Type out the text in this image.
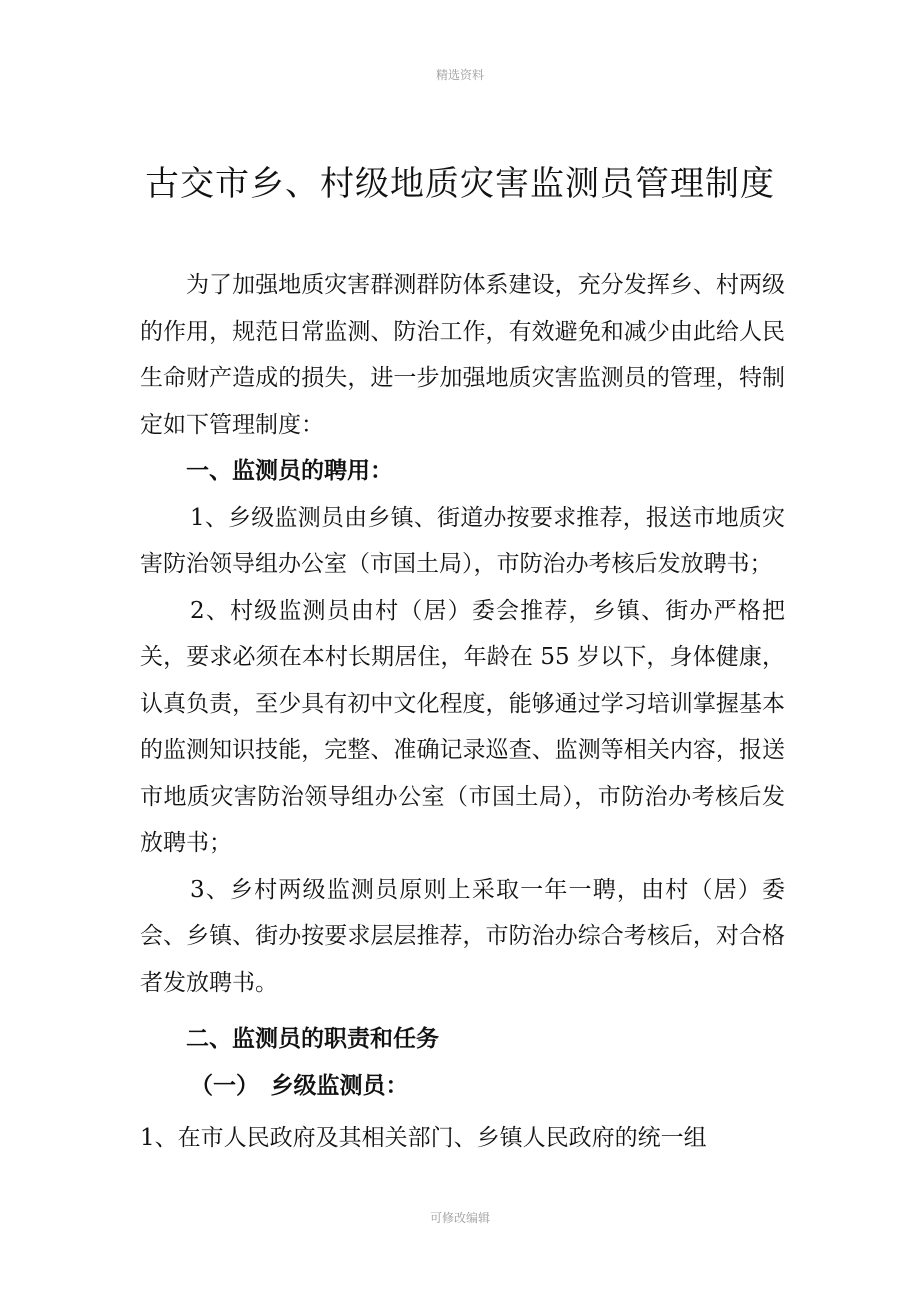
精选资料
古交市乡、村级地质灾害监测员管理制度

为了加强地质灾害群测群防体系建设，充分发挥乡、村两级的作用，规范日常监测、防治工作，有效避免和减少由此给人民生命财产造成的损失，进一步加强地质灾害监测员的管理，特制定如下管理制度：

一、监测员的聘用：

1、乡级监测员由乡镇、街道办按要求推荐，报送市地质灾害防治领导组办公室（市国土局），市防治办考核后发放聘书；

2、村级监测员由村（居）委会推荐，乡镇、街办严格把关，要求必须在本村长期居住，年龄在 55 岁以下，身体健康，认真负责，至少具有初中文化程度，能够通过学习培训掌握基本的监测知识技能，完整、准确记录巡查、监测等相关内容，报送市地质灾害防治领导组办公室（市国土局），市防治办考核后发放聘书；

3、乡村两级监测员原则上采取一年一聘，由村（居）委会、乡镇、街办按要求层层推荐，市防治办综合考核后，对合格者发放聘书。

二、监测员的职责和任务

（一）　乡级监测员：

1、在市人民政府及其相关部门、乡镇人民政府的统一组

可修改编辑
